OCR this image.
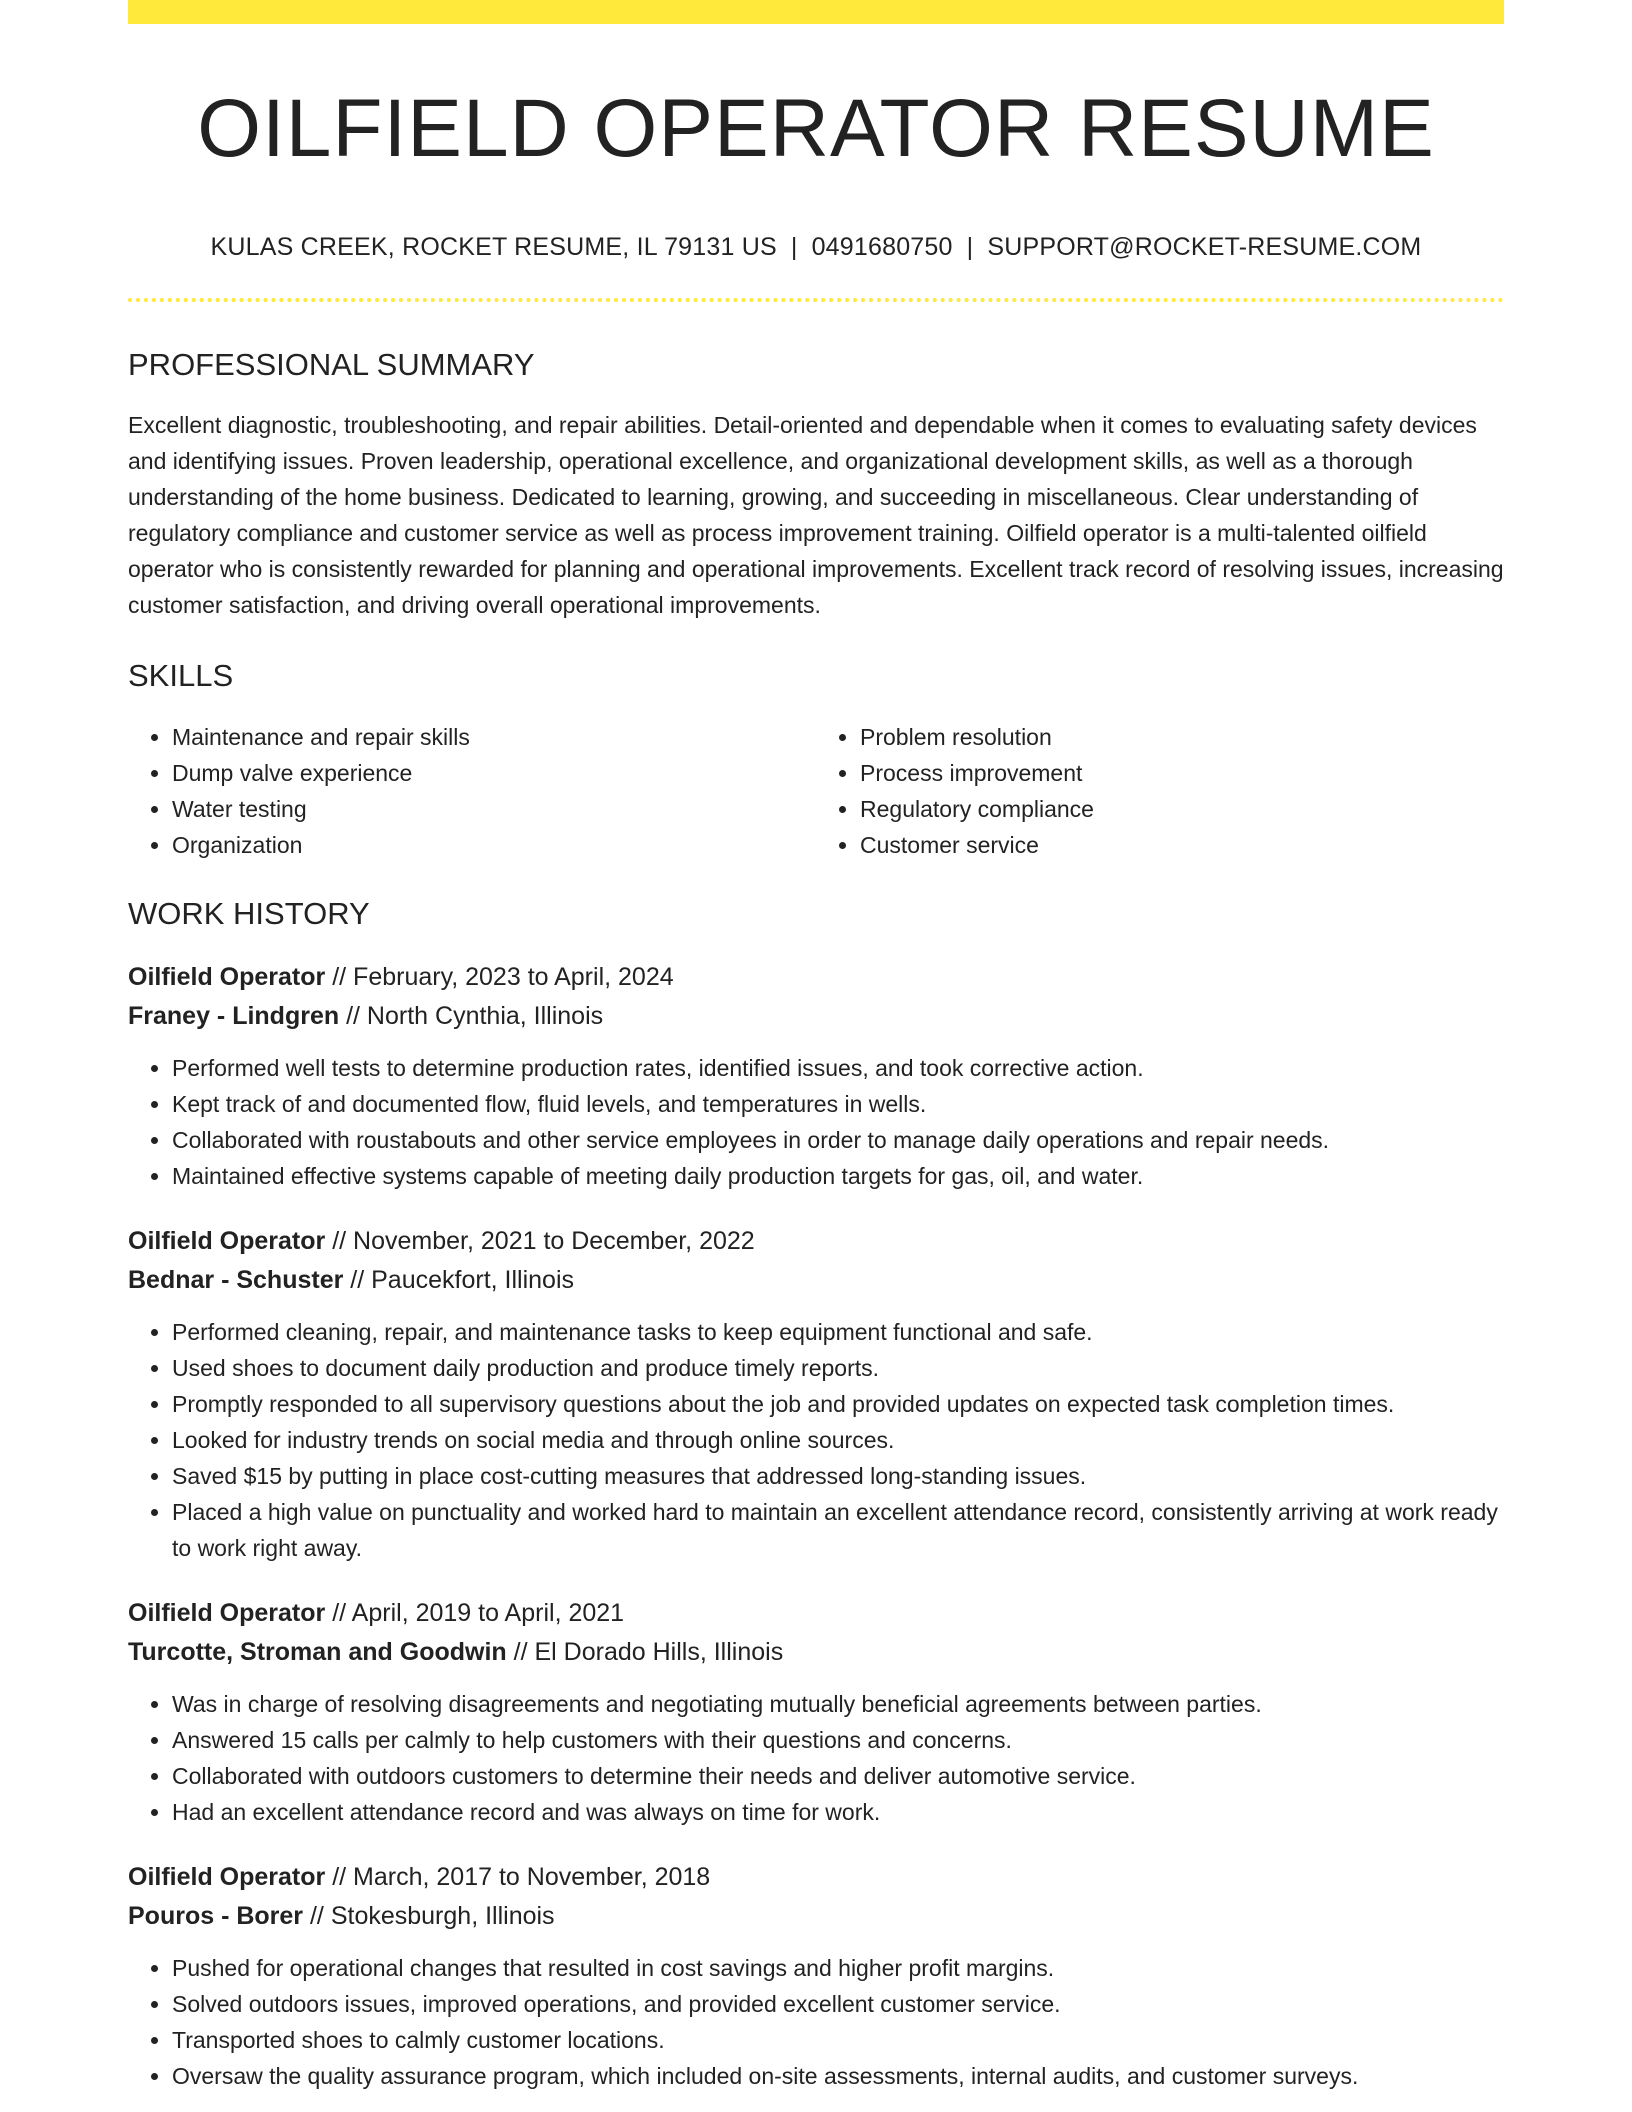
OILFIELD OPERATOR RESUME
KULAS CREEK, ROCKET RESUME, IL 79131 US | 0491680750 | SUPPORT@ROCKET-RESUME.COM
PROFESSIONAL SUMMARY

Excellent diagnostic, troubleshooting, and repair abilities. Detail-oriented and dependable when it comes to evaluating safety devices and identifying issues. Proven leadership, operational excellence, and organizational development skills, as well as a thorough understanding of the home business. Dedicated to learning, growing, and succeeding in miscellaneous. Clear understanding of regulatory compliance and customer service as well as process improvement training. Oilfield operator is a multi-talented oilfield operator who is consistently rewarded for planning and operational improvements. Excellent track record of resolving issues, increasing customer satisfaction, and driving overall operational improvements.

SKILLS
• Maintenance and repair skills
• Dump valve experience
• Water testing
• Organization
• Problem resolution
• Process improvement
• Regulatory compliance
• Customer service
WORK HISTORY
Oilfield Operator // February, 2023 to April, 2024
Franey - Lindgren // North Cynthia, Illinois
• Performed well tests to determine production rates, identified issues, and took corrective action.
• Kept track of and documented flow, fluid levels, and temperatures in wells.
• Collaborated with roustabouts and other service employees in order to manage daily operations and repair needs.
• Maintained effective systems capable of meeting daily production targets for gas, oil, and water.
Oilfield Operator // November, 2021 to December, 2022
Bednar - Schuster // Paucekfort, Illinois
• Performed cleaning, repair, and maintenance tasks to keep equipment functional and safe.
• Used shoes to document daily production and produce timely reports.
• Promptly responded to all supervisory questions about the job and provided updates on expected task completion times.
• Looked for industry trends on social media and through online sources.
• Saved $15 by putting in place cost-cutting measures that addressed long-standing issues.
• Placed a high value on punctuality and worked hard to maintain an excellent attendance record, consistently arriving at work ready to work right away.
Oilfield Operator // April, 2019 to April, 2021
Turcotte, Stroman and Goodwin // El Dorado Hills, Illinois
• Was in charge of resolving disagreements and negotiating mutually beneficial agreements between parties.
• Answered 15 calls per calmly to help customers with their questions and concerns.
• Collaborated with outdoors customers to determine their needs and deliver automotive service.
• Had an excellent attendance record and was always on time for work.
Oilfield Operator // March, 2017 to November, 2018
Pouros - Borer // Stokesburgh, Illinois
• Pushed for operational changes that resulted in cost savings and higher profit margins.
• Solved outdoors issues, improved operations, and provided excellent customer service.
• Transported shoes to calmly customer locations.
• Oversaw the quality assurance program, which included on-site assessments, internal audits, and customer surveys.
